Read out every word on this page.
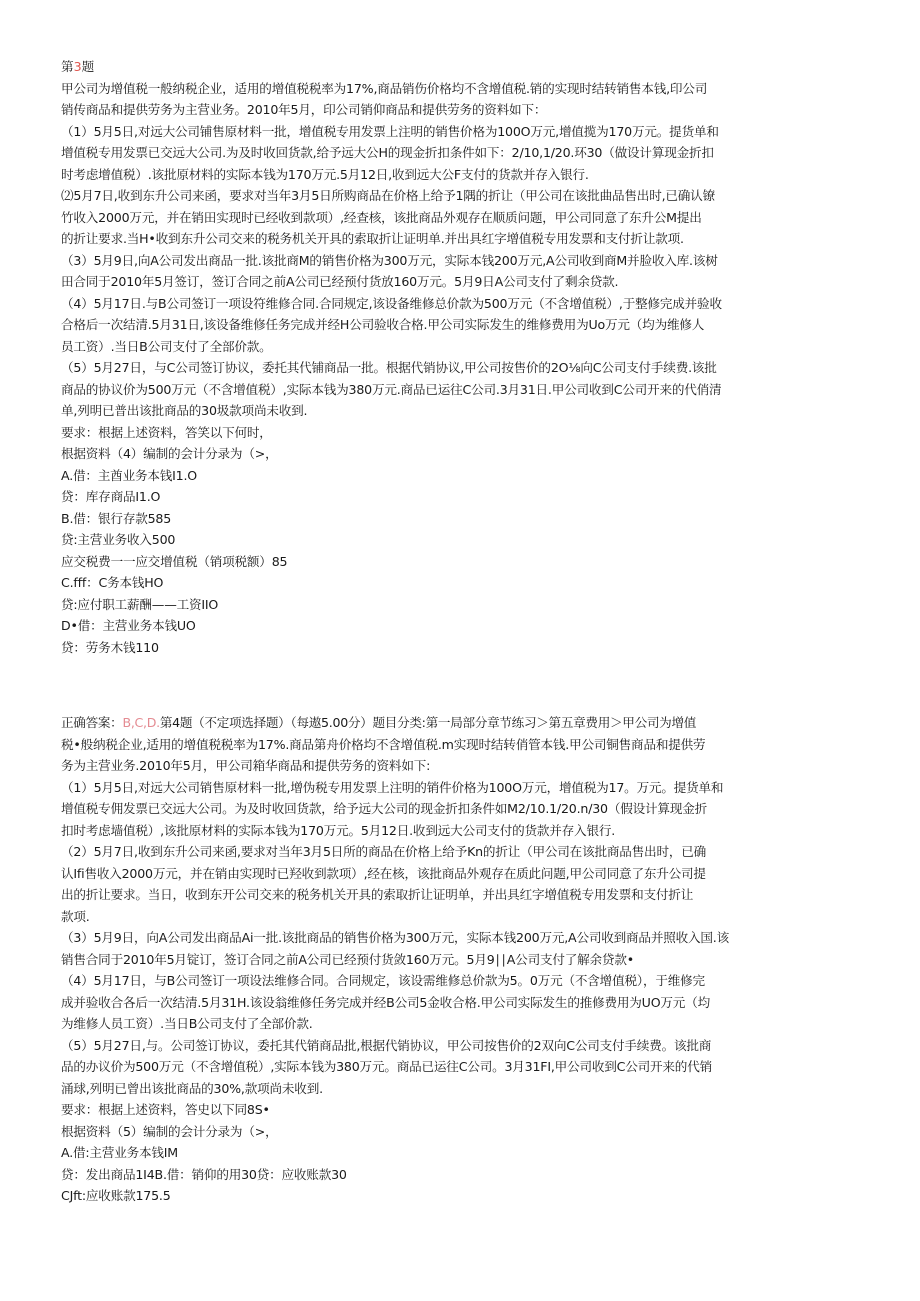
第3题
甲公司为增值税一般纳税企业，适用的增值税税率为17%,商品销伤价格均不含增值税.销的实现时结转销售本钱,印公司
销传商品和提供劳务为主营业务。2010年5月，印公司销仰商品和提供劳务的资料如下：
（1）5月5日,对远大公司铺售原材料一批，增值税专用发票上注明的销售价格为100O万元,增值揽为170万元。提货单和
增值税专用发票已交远大公司.为及时收回货款,给予远大公H的现金折扣条件如下：2/10,1/20.环30（做设计算现金折扣
时考虑增值税）.该批原材料的实际本钱为170万元.5月12日,收到远大公F支付的货款并存入银行.
⑵5月7日,收到东升公司来函，要求对当年3月5日所购商品在价格上给予1隅的折让（甲公司在该批曲品售出时,已确认镣
竹收入2000万元，并在销田实现时已经收到款项）,经查核，该批商品外观存在顺质问题，甲公司同意了东升公M提出
的折让要求.当H•收到东升公司交来的税务机关开具的索取折让证明单.并出具红字增值税专用发票和支付折让款项.
（3）5月9日,向A公司发出商品一批.该批商M的销售价格为300万元，实际本钱200万元,A公司收到商M并脸收入库.该树
田合同于2010年5月签订，签订合同之前A公司已经预付货放160万元。5月9日A公司支付了剩余贷款.
（4）5月17日.与B公司签订一项设符维修合同.合同规定,该设备维修总价款为500万元（不含增值税）,于整修完成并验收
合格后一次结清.5月31日,该设备维修任务完成并经H公司验收合格.甲公司实际发生的维修费用为Uo万元（均为维修人
员工资）.当日B公司支付了全部价款。
（5）5月27日，与C公司签订协议，委托其代铺商品一批。根据代销协议,甲公司按售价的2O⅛向C公司支付手续费.该批
商品的协议价为500万元（不含增值税）,实际本钱为380万元.商品已运往C公司.3月31日.甲公司收到C公司开来的代俏清
单,列明已普出该批商品的30圾款项尚未收到.
要求：根据上述资料，答笑以下何时，
根据资料（4）编制的会计分录为（>，
A.借：主酋业务本钱I1.O
贷：库存商品I1.O
B.借：银行存款585
贷:主营业务收入500
应交税费一一应交增值税（销项税额）85
C.fff：C务本钱HO
贷:应付职工薪酬——工资IIO
D•借：主营业务本钱UO
贷：劳务木钱110
正确答案：B,C,D.第4题（不定项选择题）（每遨5.00分）题目分类:第一局部分章节练习＞第五章费用＞甲公司为增值
税•般纳税企业,适用的增值税税率为17%.商品第舟价格均不含增值税.m实现时结转俏管本钱.甲公司铜售商品和提供劳
务为主营业务.2010年5月，甲公司箱华商品和提供劳务的资料如下:
（1）5月5日,对远大公司销售原材料一批,增伪税专用发票上注明的销件价格为100O万元，增值税为17。万元。提货单和
增值税专佣发票已交远大公司。为及时收回货款，给予远大公司的现金折扣条件如M2/10.1/20.n∕30（假设计算现金折
扣时考虑墙值税）,该批原材料的实际本钱为170万元。5月12日.收到远大公司支付的货款并存入银行.
（2）5月7日,收到东升公司来函,要求对当年3月5日所的商品在价格上给予Kn的折让（甲公司在该批商品售出时，已确
认Ifi售收入2000万元，并在销由实现时已羟收到款项）,经在核，该批商品外观存在质此问题,甲公司同意了东升公司提
出的折让要求。当日，收到东开公司交来的税务机关开具的索取折让证明单，并出具红字增值税专用发票和支付折让
款项.
（3）5月9日，向A公司发出商品Ai一批.该批商品的销售价格为300万元，实际本钱200万元,A公司收到商品并照收入国.该
销售合同于2010年5月锭订，签订合同之前A公司已经预付货敛160万元。5月9∣∣A公司支付了解余贷款•
（4）5月17日，与B公司签订一项设法维修合同。合同规定，该设需维修总价款为5。0万元（不含增值税），于维修完
成并验收合各后一次结清.5月31H.该设翁维修任务完成并经B公司5金收合格.甲公司实际发生的推修费用为UO万元（均
为维修人员工资）.当日B公司支付了全部价款.
（5）5月27日,与。公司签订协议，委托其代销商品批,根据代销协议，甲公司按售价的2双向C公司支付手续费。该批商
品的办议价为500万元（不含增值税）,实际本钱为380万元。商品已运往C公司。3月31FI,甲公司收到C公司开来的代销
涌球,列明已曾出该批商品的30%,款项尚未收到.
要求：根据上述资料，答史以下同8S•
根据资料（5）编制的会计分录为（>，
A.借:主营业务本钱IM
贷：发出商品1I4B.借：销仰的用30贷：应收账款30
CJft:应收账款175.5
